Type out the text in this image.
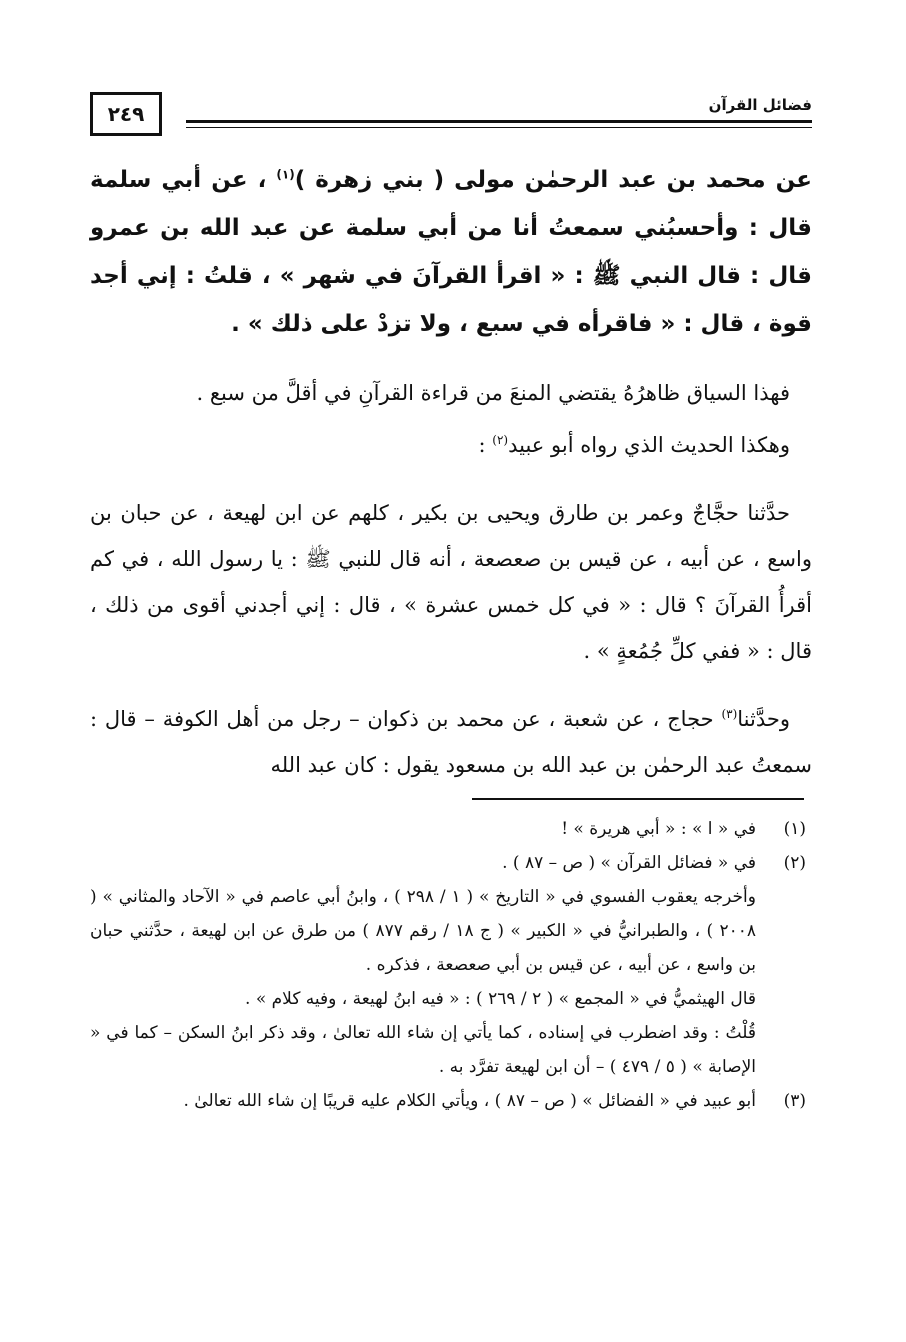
٢٤٩	فضائل القرآن

عن محمد بن عبد الرحمٰن مولى ( بني زهرة )$^{(١)}$ ، عن أبي سلمة قال : وأحسبُني سمعتُ أنا من أبي سلمة عن عبد الله بن عمرو قال : قال النبي ﷺ : « اقرأ القرآنَ في شهر » ، قلتُ : إني أجد قوة ، قال : « فاقرأه في سبع ، ولا تزدْ على ذلك » .

فهذا السياق ظاهرُهُ يقتضي المنعَ من قراءة القرآنِ في أقلَّ من سبع .

وهكذا الحديث الذي رواه أبو عبيد$^{(٢)}$ :

حدَّثنا حجَّاجٌ وعمر بن طارق ويحيى بن بكير ، كلهم عن ابن لهيعة ، عن حبان بن واسع ، عن أبيه ، عن قيس بن صعصعة ، أنه قال للنبي ﷺ : يا رسول الله ، في كم أقرأُ القرآنَ ؟ قال : « في كل خمس عشرة » ، قال : إني أجدني أقوى من ذلك ، قال : « ففي كلِّ جُمُعةٍ » .

وحدَّثنا$^{(٣)}$ حجاج ، عن شعبة ، عن محمد بن ذكوان – رجل من أهل الكوفة – قال : سمعتُ عبد الرحمٰن بن عبد الله بن مسعود يقول : كان عبد الله

(١)
في « ا » : « أبي هريرة » !
(٢)
في « فضائل القرآن » ( ص – ٨٧ ) .
وأخرجه يعقوب الفسوي في « التاريخ » ( ١ / ٢٩٨ ) ، وابنُ أبي عاصم في « الآحاد والمثاني » ( ٢٠٠٨ ) ، والطبرانيُّ في « الكبير » ( ج ١٨ / رقم ٨٧٧ ) من طرق عن ابن لهيعة ، حدَّثني حبان بن واسع ، عن أبيه ، عن قيس بن أبي صعصعة ، فذكره .
قال الهيثميُّ في « المجمع » ( ٢ / ٢٦٩ ) : « فيه ابنُ لهيعة ، وفيه كلام » .
قُلْتُ : وقد اضطرب في إسناده ، كما يأتي إن شاء الله تعالىٰ ، وقد ذكر ابنُ السكن – كما في « الإصابة » ( ٥ / ٤٧٩ ) – أن ابن لهيعة تفرَّد به .
(٣)
أبو عبيد في « الفضائل » ( ص – ٨٧ ) ، ويأتي الكلام عليه قريبًا إن شاء الله تعالىٰ .
